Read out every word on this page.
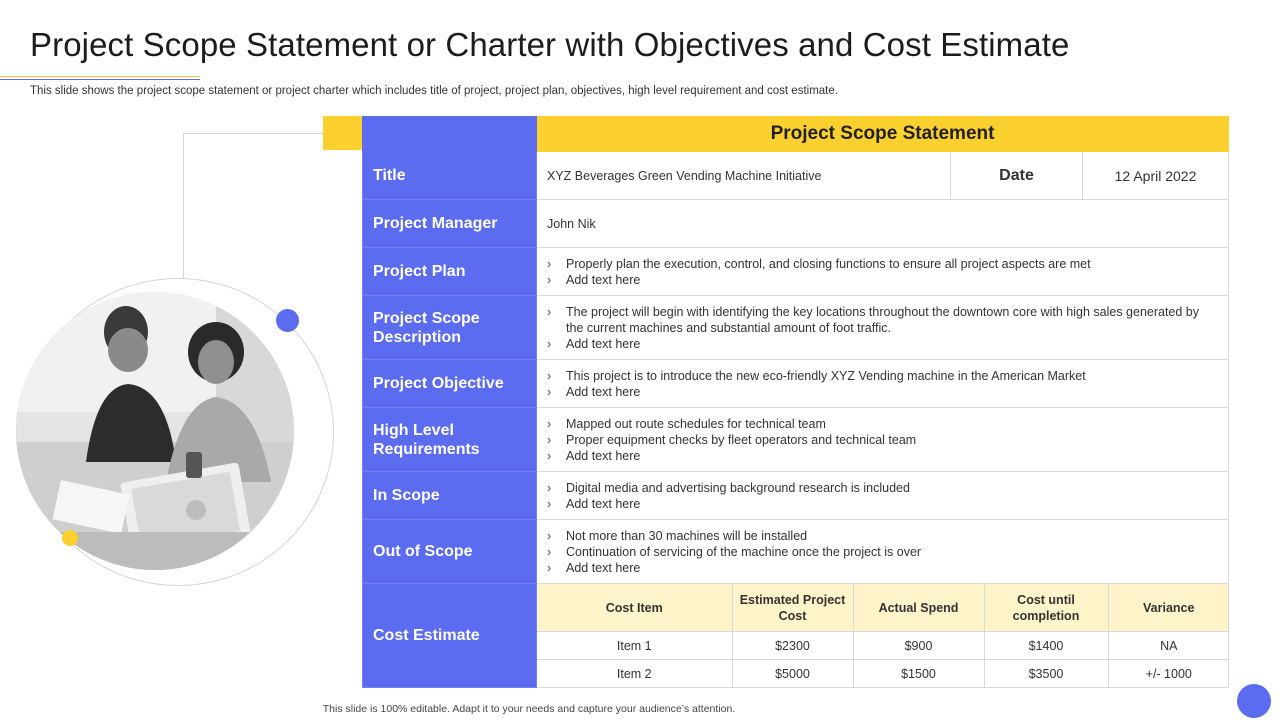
Project Scope Statement or Charter with Objectives and Cost Estimate
This slide shows the project scope statement or project charter which includes title of project, project plan, objectives, high level requirement and cost estimate.
	Project Scope Statement
Title	XYZ Beverages Green Vending Machine Initiative	Date	12 April 2022
Project Manager	John Nik
Project Plan	
›Properly plan the execution, control, and closing functions to ensure all project aspects are met
› Add text here

Project Scope Description	
› The project will begin with identifying the key locations throughout the downtown core with high sales generated by the current machines and substantial amount of foot traffic.
› Add text here

Project Objective	
›This project is to introduce the new eco-friendly XYZ Vending machine in the American Market
› Add text here

High Level Requirements	
› Mapped out route schedules for technical team
› Proper equipment checks by fleet operators and technical team
› Add text here

In Scope	
›Digital media and advertising background research is included
› Add text here

Out of Scope	
› Not more than 30 machines will be installed
› Continuation of servicing of the machine once the project is over
› Add text here

Cost Estimate	
Cost Item	Estimated Project Cost	Actual Spend	Cost until completion	Variance
Item 1	$2300	$900	$1400	NA
Item 2	$5000	$1500	$3500	+/- 1000
This slide is 100% editable. Adapt it to your needs and capture your audience’s attention.
